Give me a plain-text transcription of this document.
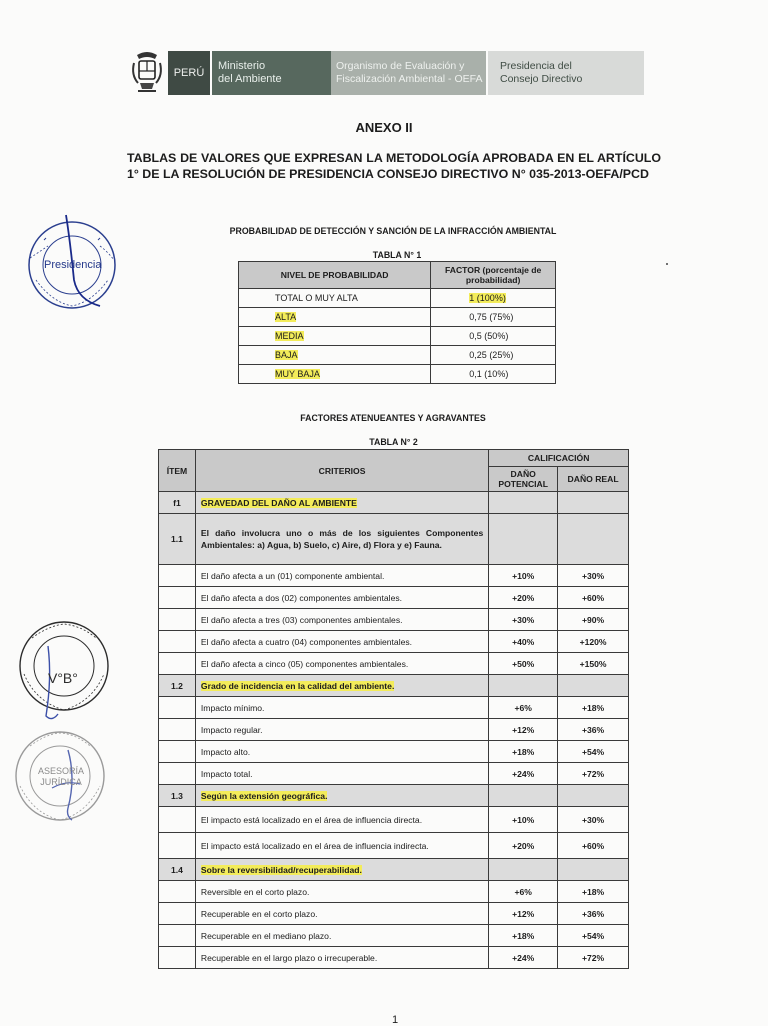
PERÚ
Ministerio
del Ambiente
Organismo de Evaluación y
Fiscalización Ambiental - OEFA
Presidencia del
Consejo Directivo
ANEXO II
TABLAS DE VALORES QUE EXPRESAN LA METODOLOGÍA APROBADA EN EL ARTÍCULO 1° DE LA RESOLUCIÓN DE PRESIDENCIA CONSEJO DIRECTIVO N° 035-2013-OEFA/PCD
Presidencia
PROBABILIDAD DE DETECCIÓN Y SANCIÓN DE LA INFRACCIÓN AMBIENTAL
TABLA N° 1
NIVEL DE PROBABILIDAD	FACTOR (porcentaje de probabilidad)
TOTAL O MUY ALTA	1 (100%)
ALTA	0,75 (75%)
MEDIA	0,5 (50%)
BAJA	0,25 (25%)
MUY BAJA	0,1 (10%)
FACTORES ATENUEANTES Y AGRAVANTES
TABLA N° 2
ÍTEM	CRITERIOS	CALIFICACIÓN	
		DAÑO POTENCIAL	DAÑO REAL
f1	GRAVEDAD DEL DAÑO AL AMBIENTE		
1.1	El daño involucra uno o más de los siguientes Componentes Ambientales: a) Agua, b) Suelo, c) Aire, d) Flora y e) Fauna.		
	El daño afecta a un (01) componente ambiental.	+10%	+30%
	El daño afecta a dos (02) componentes ambientales.	+20%	+60%
	El daño afecta a tres (03) componentes ambientales.	+30%	+90%
	El daño afecta a cuatro (04) componentes ambientales.	+40%	+120%
	El daño afecta a cinco (05) componentes ambientales.	+50%	+150%
1.2	Grado de incidencia en la calidad del ambiente.		
	Impacto mínimo.	+6%	+18%
	Impacto regular.	+12%	+36%
	Impacto alto.	+18%	+54%
	Impacto total.	+24%	+72%
1.3	Según la extensión geográfica.		
	El impacto está localizado en el área de influencia directa.	+10%	+30%
	El impacto está localizado en el área de influencia indirecta.	+20%	+60%
1.4	Sobre la reversibilidad/recuperabilidad.		
	Reversible en el corto plazo.	+6%	+18%
	Recuperable en el corto plazo.	+12%	+36%
	Recuperable en el mediano plazo.	+18%	+54%
	Recuperable en el largo plazo o irrecuperable.	+24%	+72%
V°B°
ASESORÍA JURÍDICA
1
